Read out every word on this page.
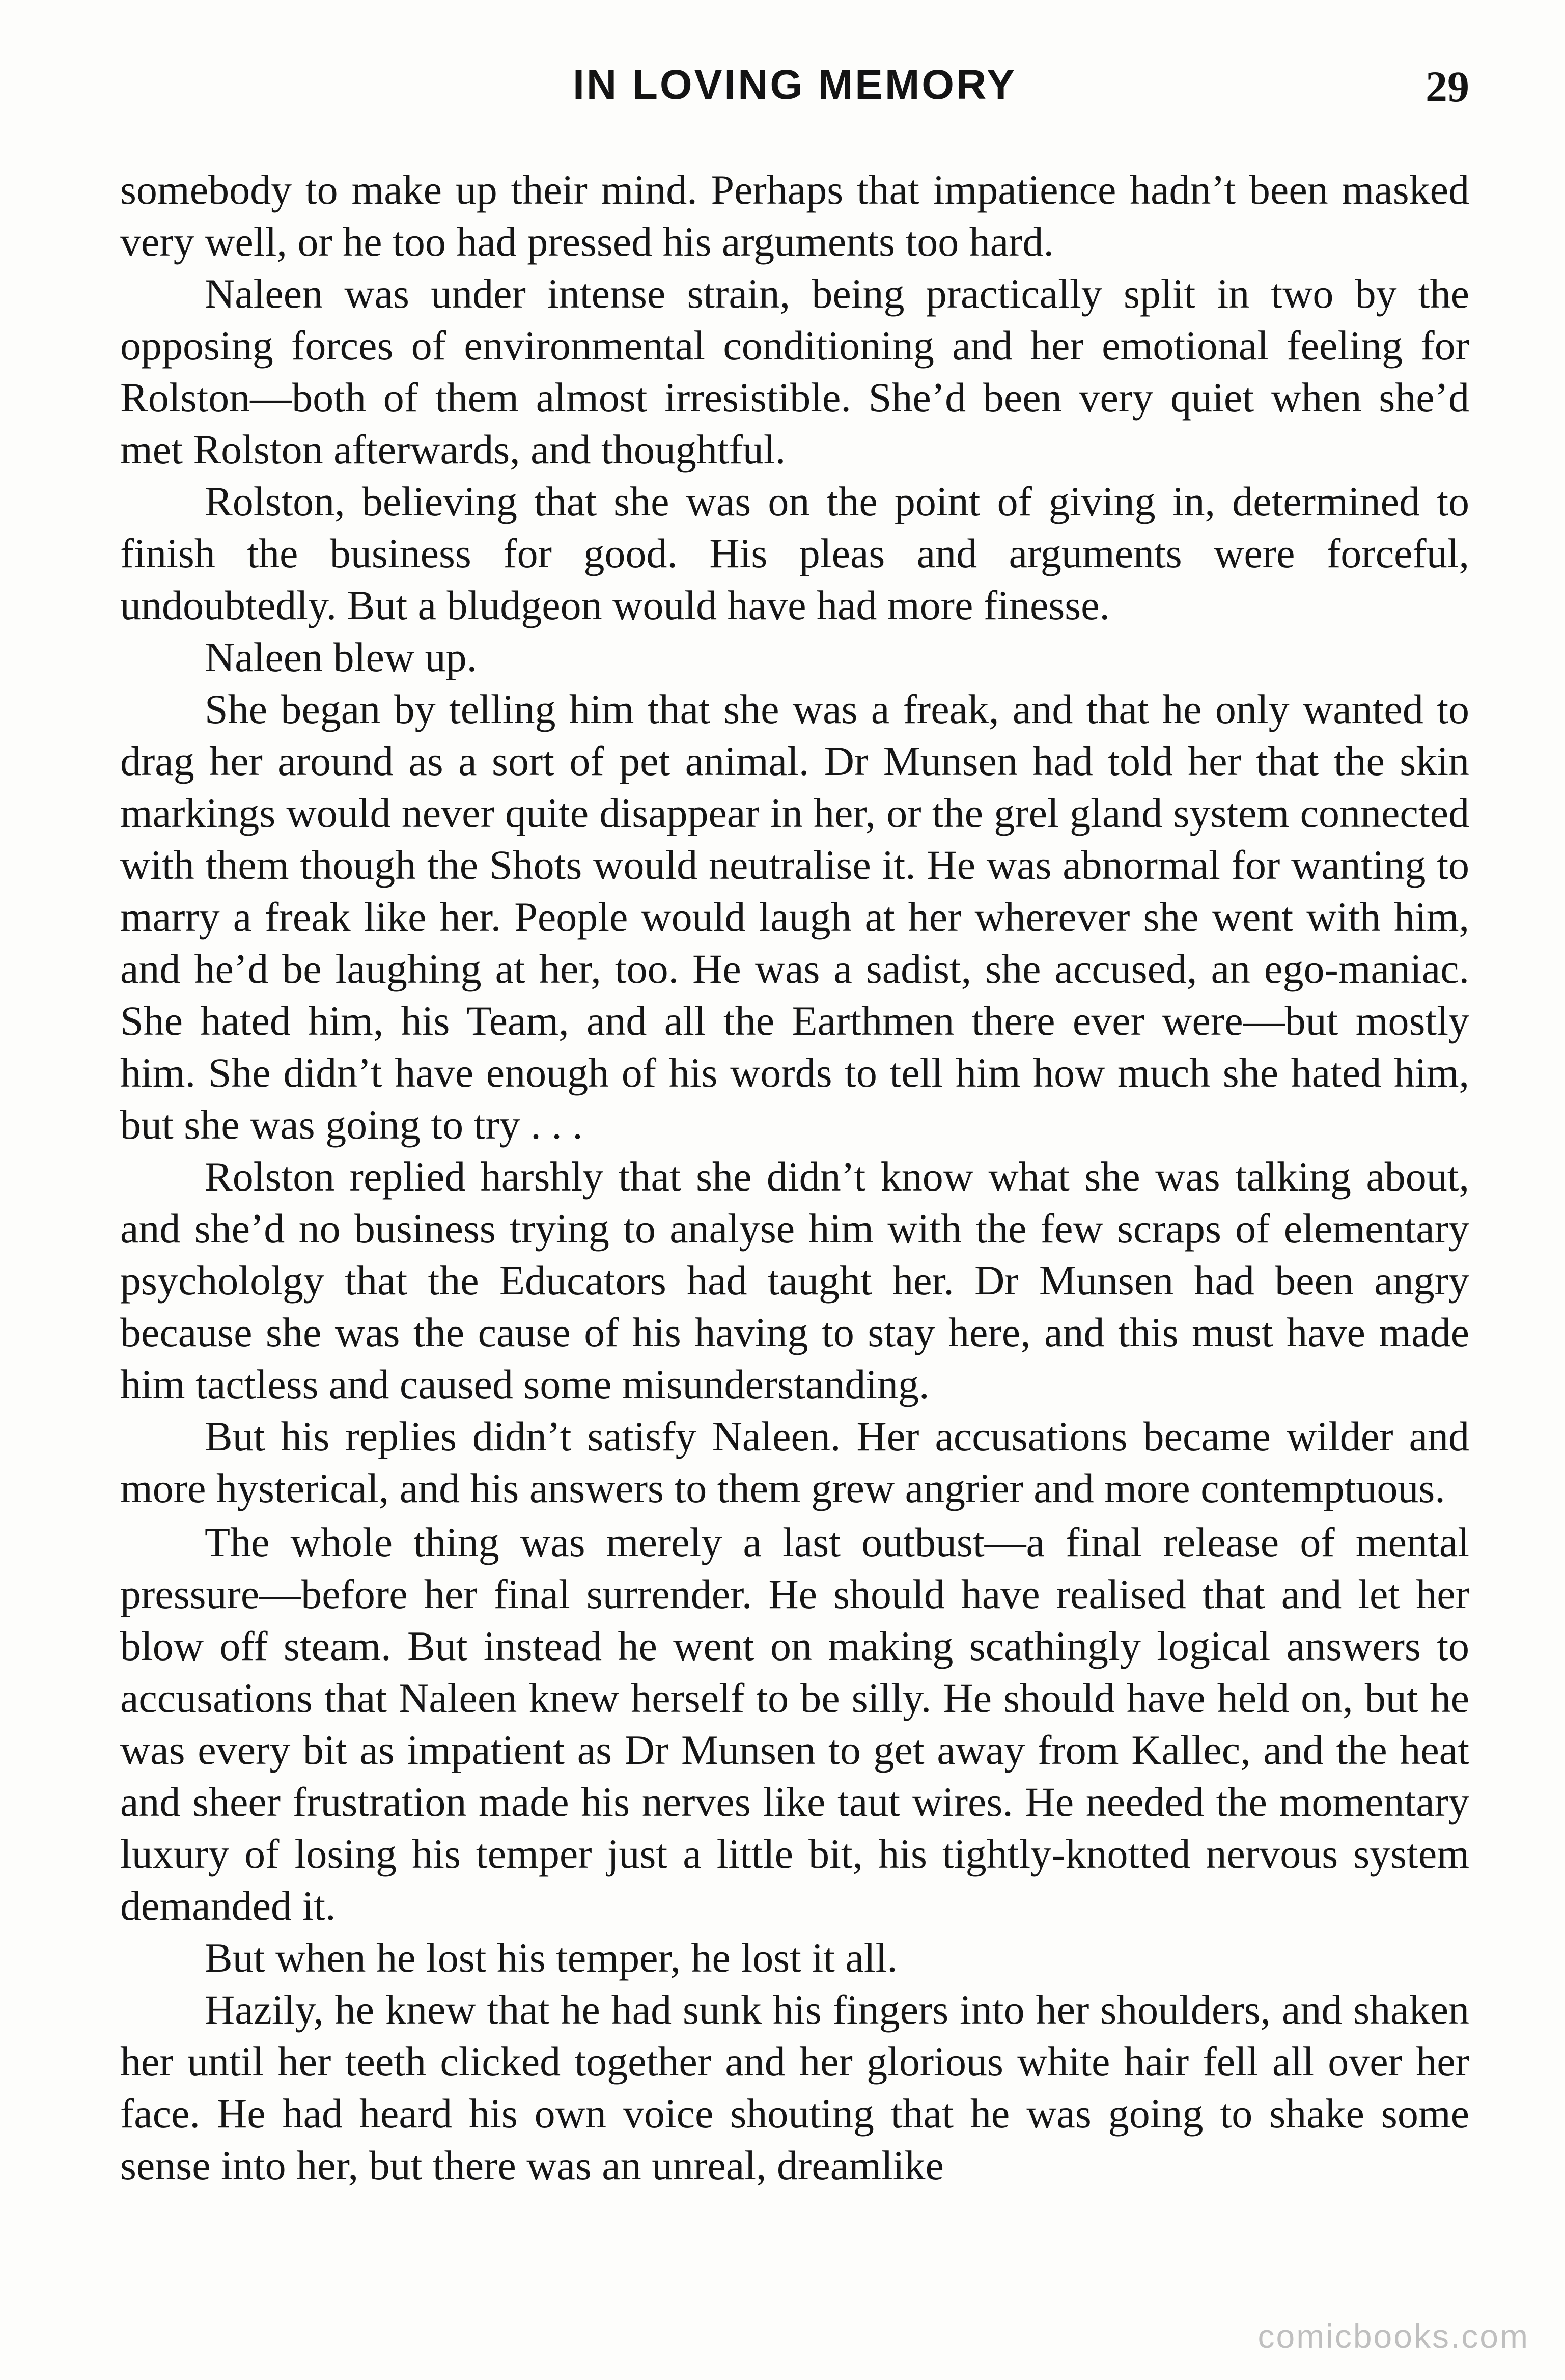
IN LOVING MEMORY	29

somebody to make up their mind. Perhaps that impatience hadn’t been masked very well, or he too had pressed his arguments too hard.

Naleen was under intense strain, being practically split in two by the opposing forces of environmental conditioning and her emotional feeling for Rolston—both of them almost irresistible. She’d been very quiet when she’d met Rolston afterwards, and thoughtful.

Rolston, believing that she was on the point of giving in, determined to finish the business for good. His pleas and arguments were forceful, undoubtedly. But a bludgeon would have had more finesse.

Naleen blew up.

She began by telling him that she was a freak, and that he only wanted to drag her around as a sort of pet animal. Dr Munsen had told her that the skin markings would never quite disappear in her, or the grel gland system connected with them though the Shots would neutralise it. He was abnormal for wanting to marry a freak like her. People would laugh at her wherever she went with him, and he’d be laughing at her, too. He was a sadist, she accused, an ego-maniac. She hated him, his Team, and all the Earthmen there ever were—but mostly him. She didn’t have enough of his words to tell him how much she hated him, but she was going to try . . .

Rolston replied harshly that she didn’t know what she was talking about, and she’d no business trying to analyse him with the few scraps of elementary psychololgy that the Educators had taught her. Dr Munsen had been angry because she was the cause of his having to stay here, and this must have made him tactless and caused some misunderstanding.

But his replies didn’t satisfy Naleen. Her accusations became wilder and more hysterical, and his answers to them grew angrier and more contemptuous.

The whole thing was merely a last outbust—a final release of mental pressure—before her final surrender. He should have realised that and let her blow off steam. But instead he went on making scathingly logical answers to accusations that Naleen knew herself to be silly. He should have held on, but he was every bit as impatient as Dr Munsen to get away from Kallec, and the heat and sheer frustration made his nerves like taut wires. He needed the momentary luxury of losing his temper just a little bit, his tightly-knotted nervous system demanded it.

But when he lost his temper, he lost it all.

Hazily, he knew that he had sunk his fingers into her shoulders, and shaken her until her teeth clicked together and her glorious white hair fell all over her face. He had heard his own voice shouting that he was going to shake some sense into her, but there was an unreal, dreamlike

comicbooks.com
